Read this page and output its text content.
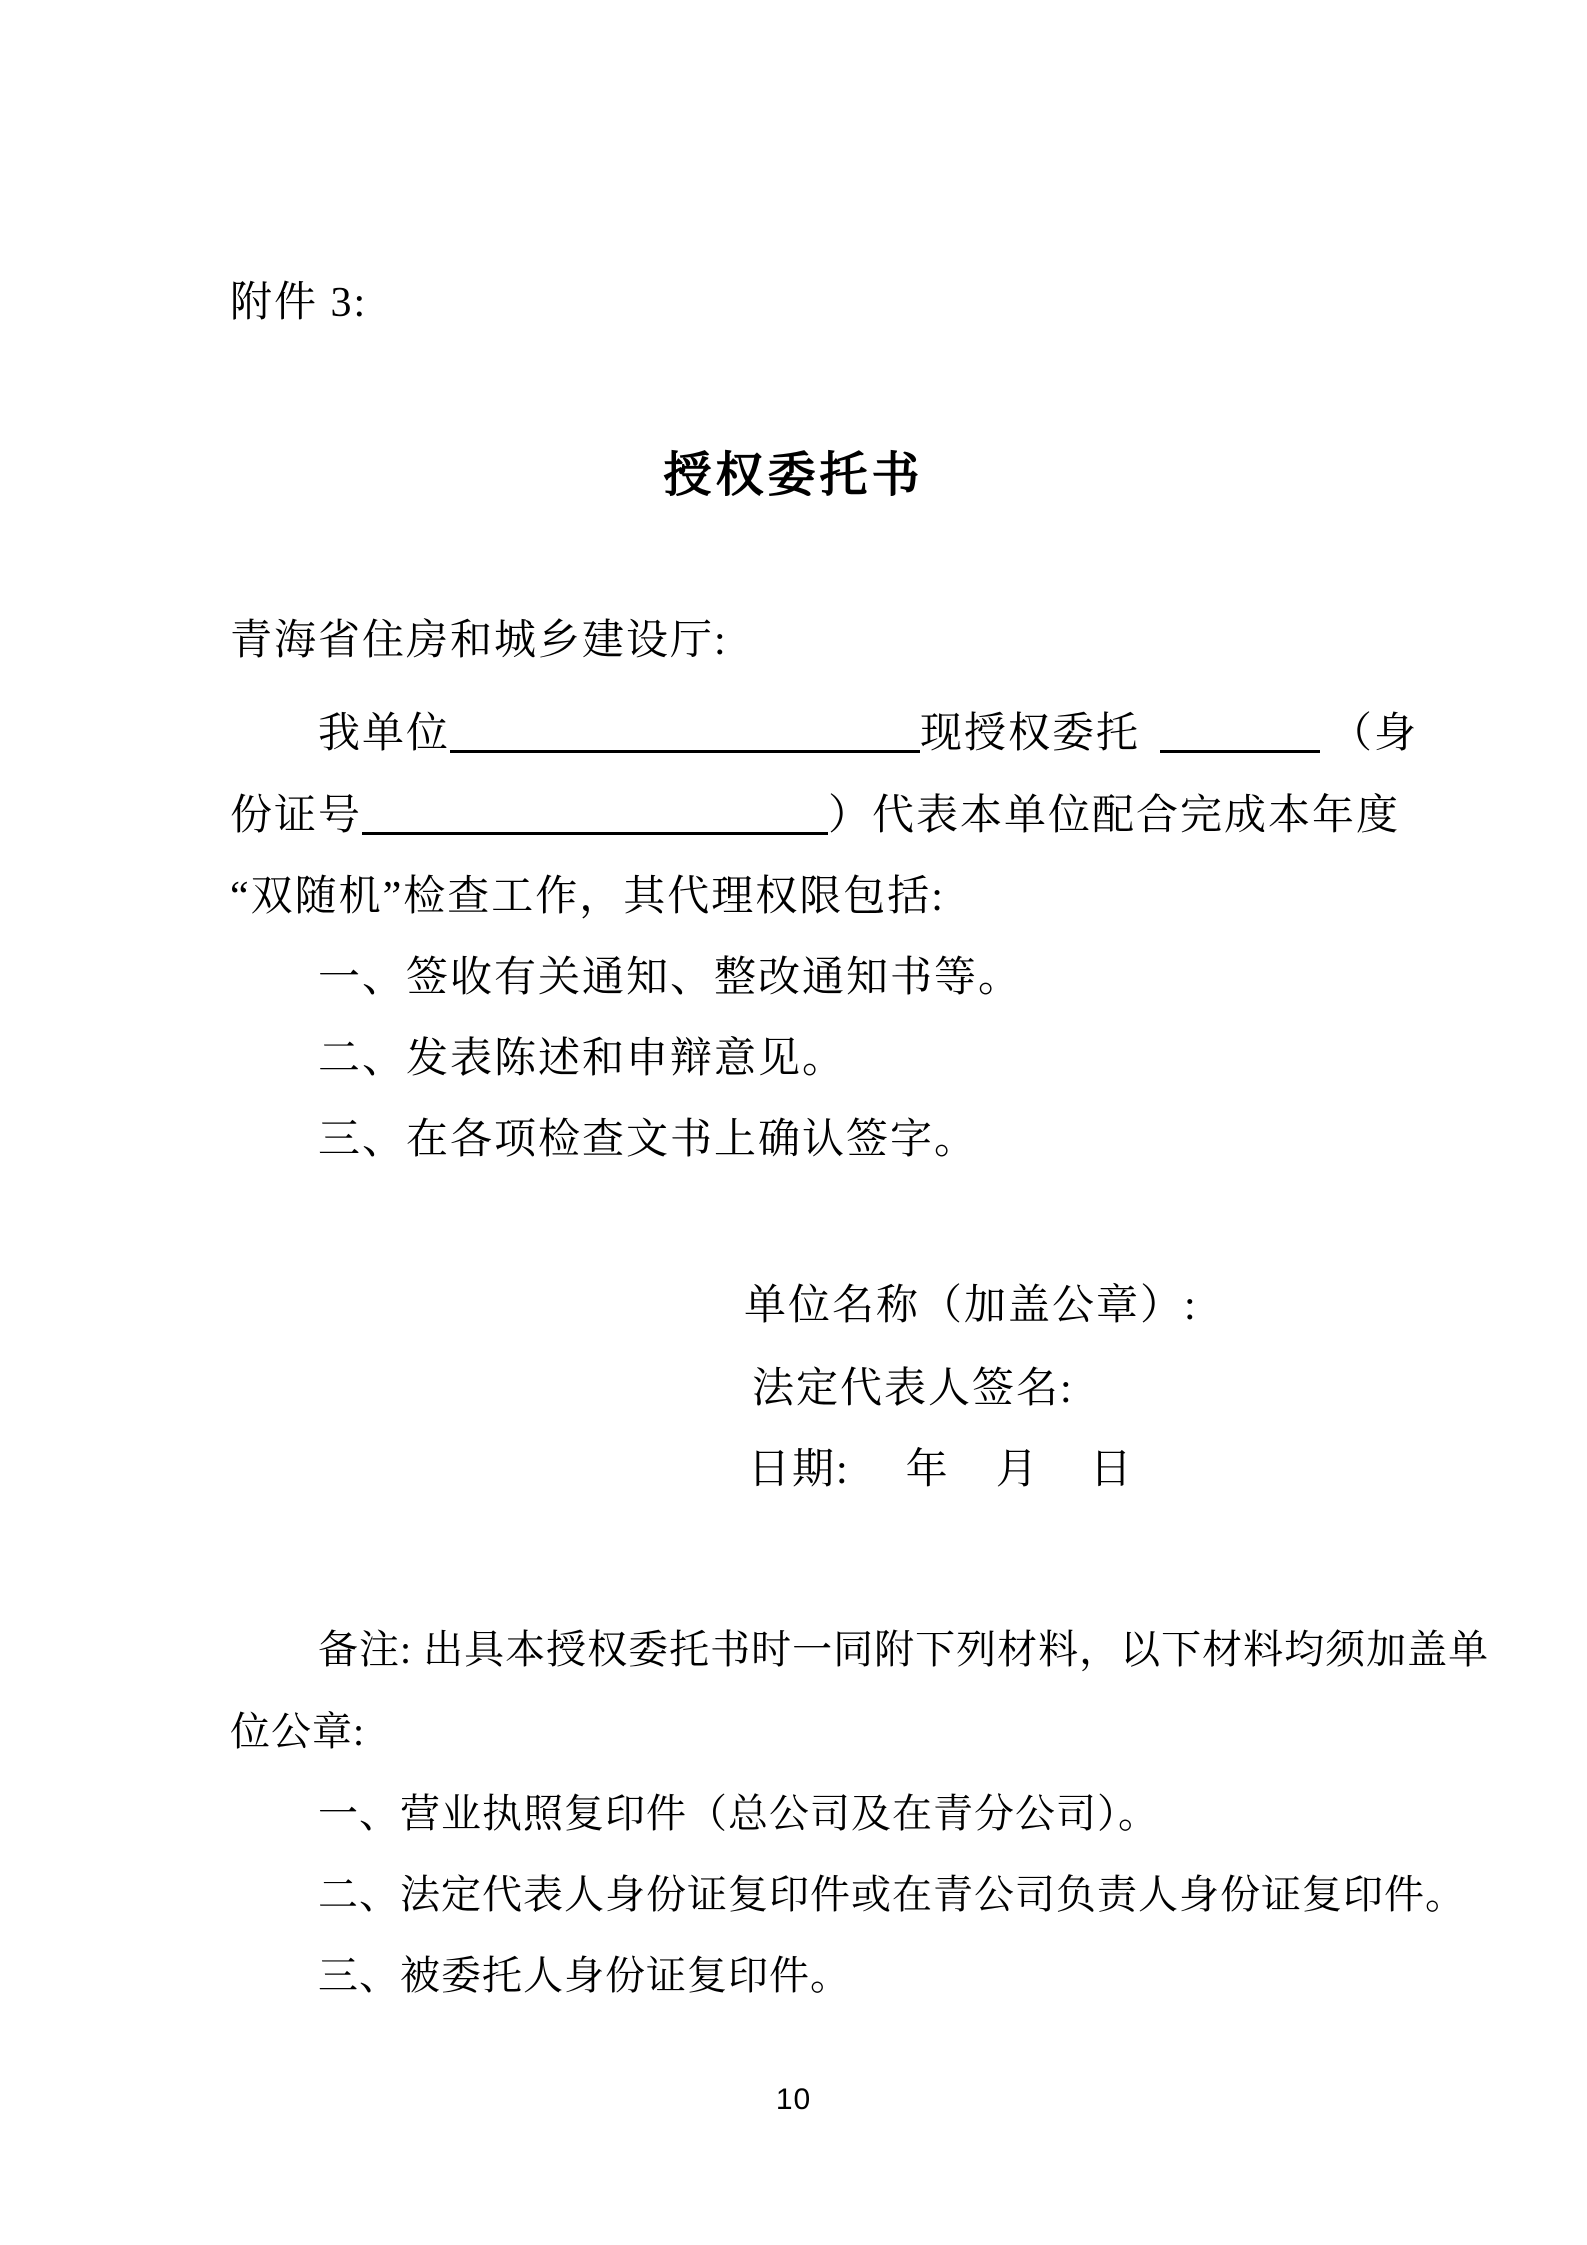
附件 3:
授权委托书
青海省住房和城乡建设厅:
我单位	现授权委托	（身
份证号	）代表本单位配合完成本年度
“双随机”检查工作，其代理权限包括:
一、签收有关通知、整改通知书等。
二、发表陈述和申辩意见。
三、在各项检查文书上确认签字。
单位名称（加盖公章）:
法定代表人签名:
日期: 年 月 日
备注: 出具本授权委托书时一同附下列材料，以下材料均须加盖单
位公章:
一、营业执照复印件（总公司及在青分公司）。
二、法定代表人身份证复印件或在青公司负责人身份证复印件。
三、被委托人身份证复印件。
10
